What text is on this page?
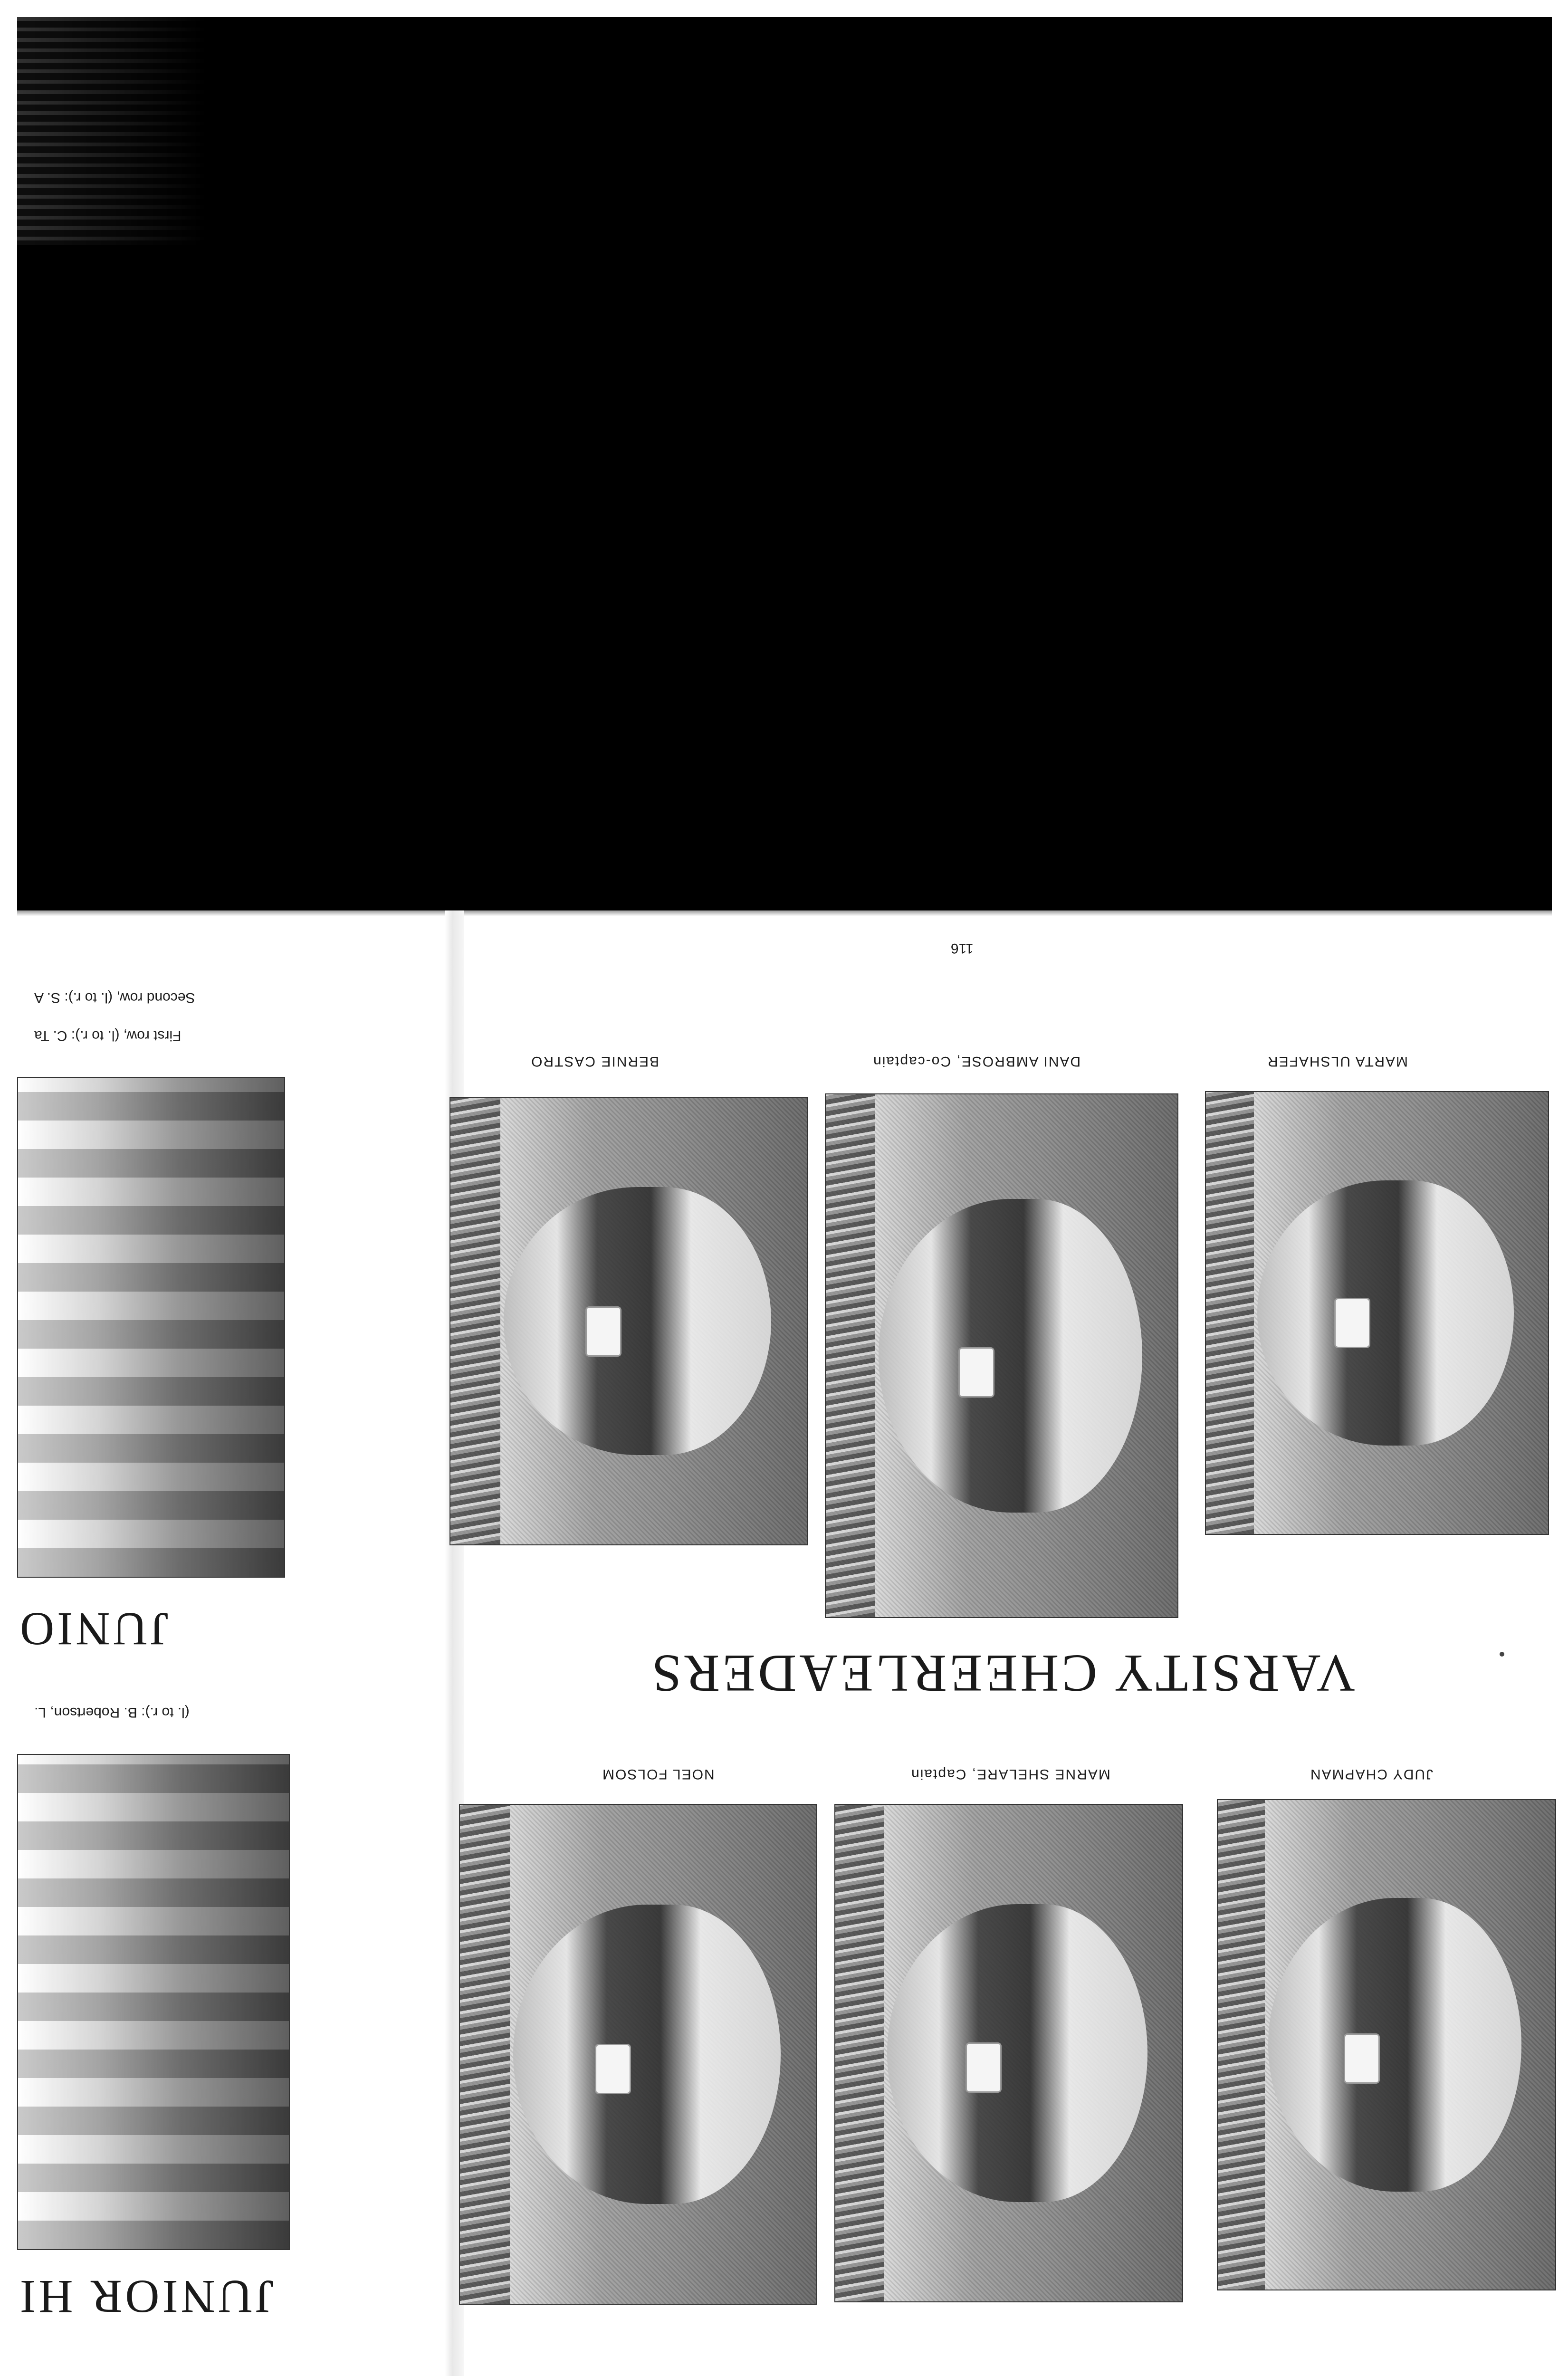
116
MARTA ULSHAFER
DANI AMBROSE, Co-captain
BERNIE CASTRO
VARSITY CHEERLEADERS
JUDY CHAPMAN
MARNE SHELARE, Captain
NOEL FOLSOM
Second row, (l. to r.): S. A
First row, (l. to r.): C. Ta
JUNIO
(l. to r.): B. Robertson, L.
JUNIOR HI
